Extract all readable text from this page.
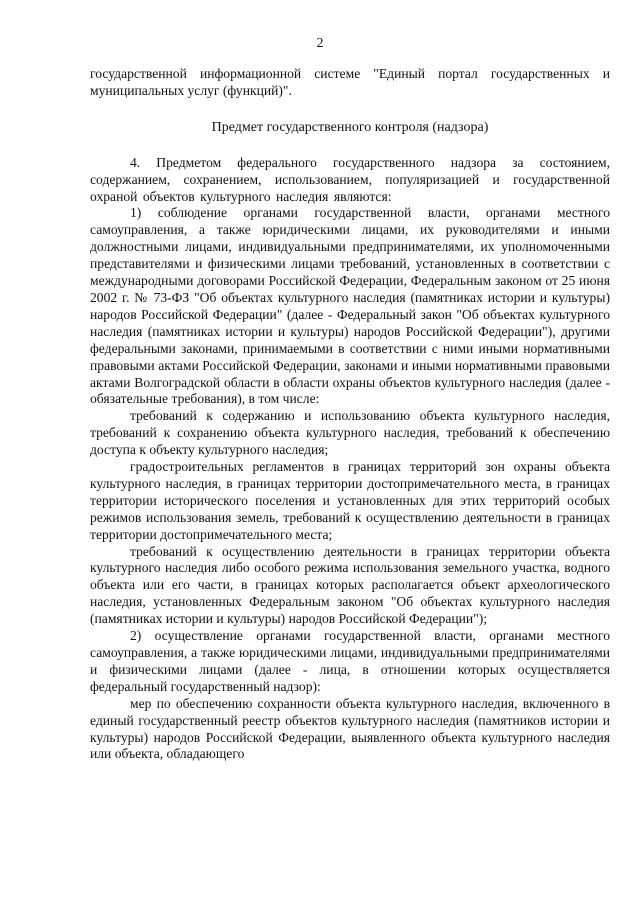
2

государственной информационной системе "Единый портал государственных и муниципальных услуг (функций)".

Предмет государственного контроля (надзора)

4. Предметом федерального государственного надзора за состоянием, содержанием, сохранением, использованием, популяризацией и государственной охраной объектов культурного наследия являются:

1) соблюдение органами государственной власти, органами местного самоуправления, а также юридическими лицами, их руководителями и иными должностными лицами, индивидуальными предпринимателями, их уполномоченными представителями и физическими лицами требований, установленных в соответствии с международными договорами Российской Федерации, Федеральным законом от 25 июня 2002 г. № 73-ФЗ "Об объектах культурного наследия (памятниках истории и культуры) народов Российской Федерации" (далее - Федеральный закон "Об объектах культурного наследия (памятниках истории и культуры) народов Российской Федерации"), другими федеральными законами, принимаемыми в соответствии с ними иными нормативными правовыми актами Российской Федерации, законами и иными нормативными правовыми актами Волгоградской области в области охраны объектов культурного наследия (далее - обязательные требования), в том числе:

требований к содержанию и использованию объекта культурного наследия, требований к сохранению объекта культурного наследия, требований к обеспечению доступа к объекту культурного наследия;

градостроительных регламентов в границах территорий зон охраны объекта культурного наследия, в границах территории достопримечательного места, в границах территории исторического поселения и установленных для этих территорий особых режимов использования земель, требований к осуществлению деятельности в границах территории достопримечательного места;

требований к осуществлению деятельности в границах территории объекта культурного наследия либо особого режима использования земельного участка, водного объекта или его части, в границах которых располагается объект археологического наследия, установленных Федеральным законом "Об объектах культурного наследия (памятниках истории и культуры) народов Российской Федерации");

2) осуществление органами государственной власти, органами местного самоуправления, а также юридическими лицами, индивидуальными предпринимателями и физическими лицами (далее - лица, в отношении которых осуществляется федеральный государственный надзор):

мер по обеспечению сохранности объекта культурного наследия, включенного в единый государственный реестр объектов культурного наследия (памятников истории и культуры) народов Российской Федерации, выявленного объекта культурного наследия или объекта, обладающего
